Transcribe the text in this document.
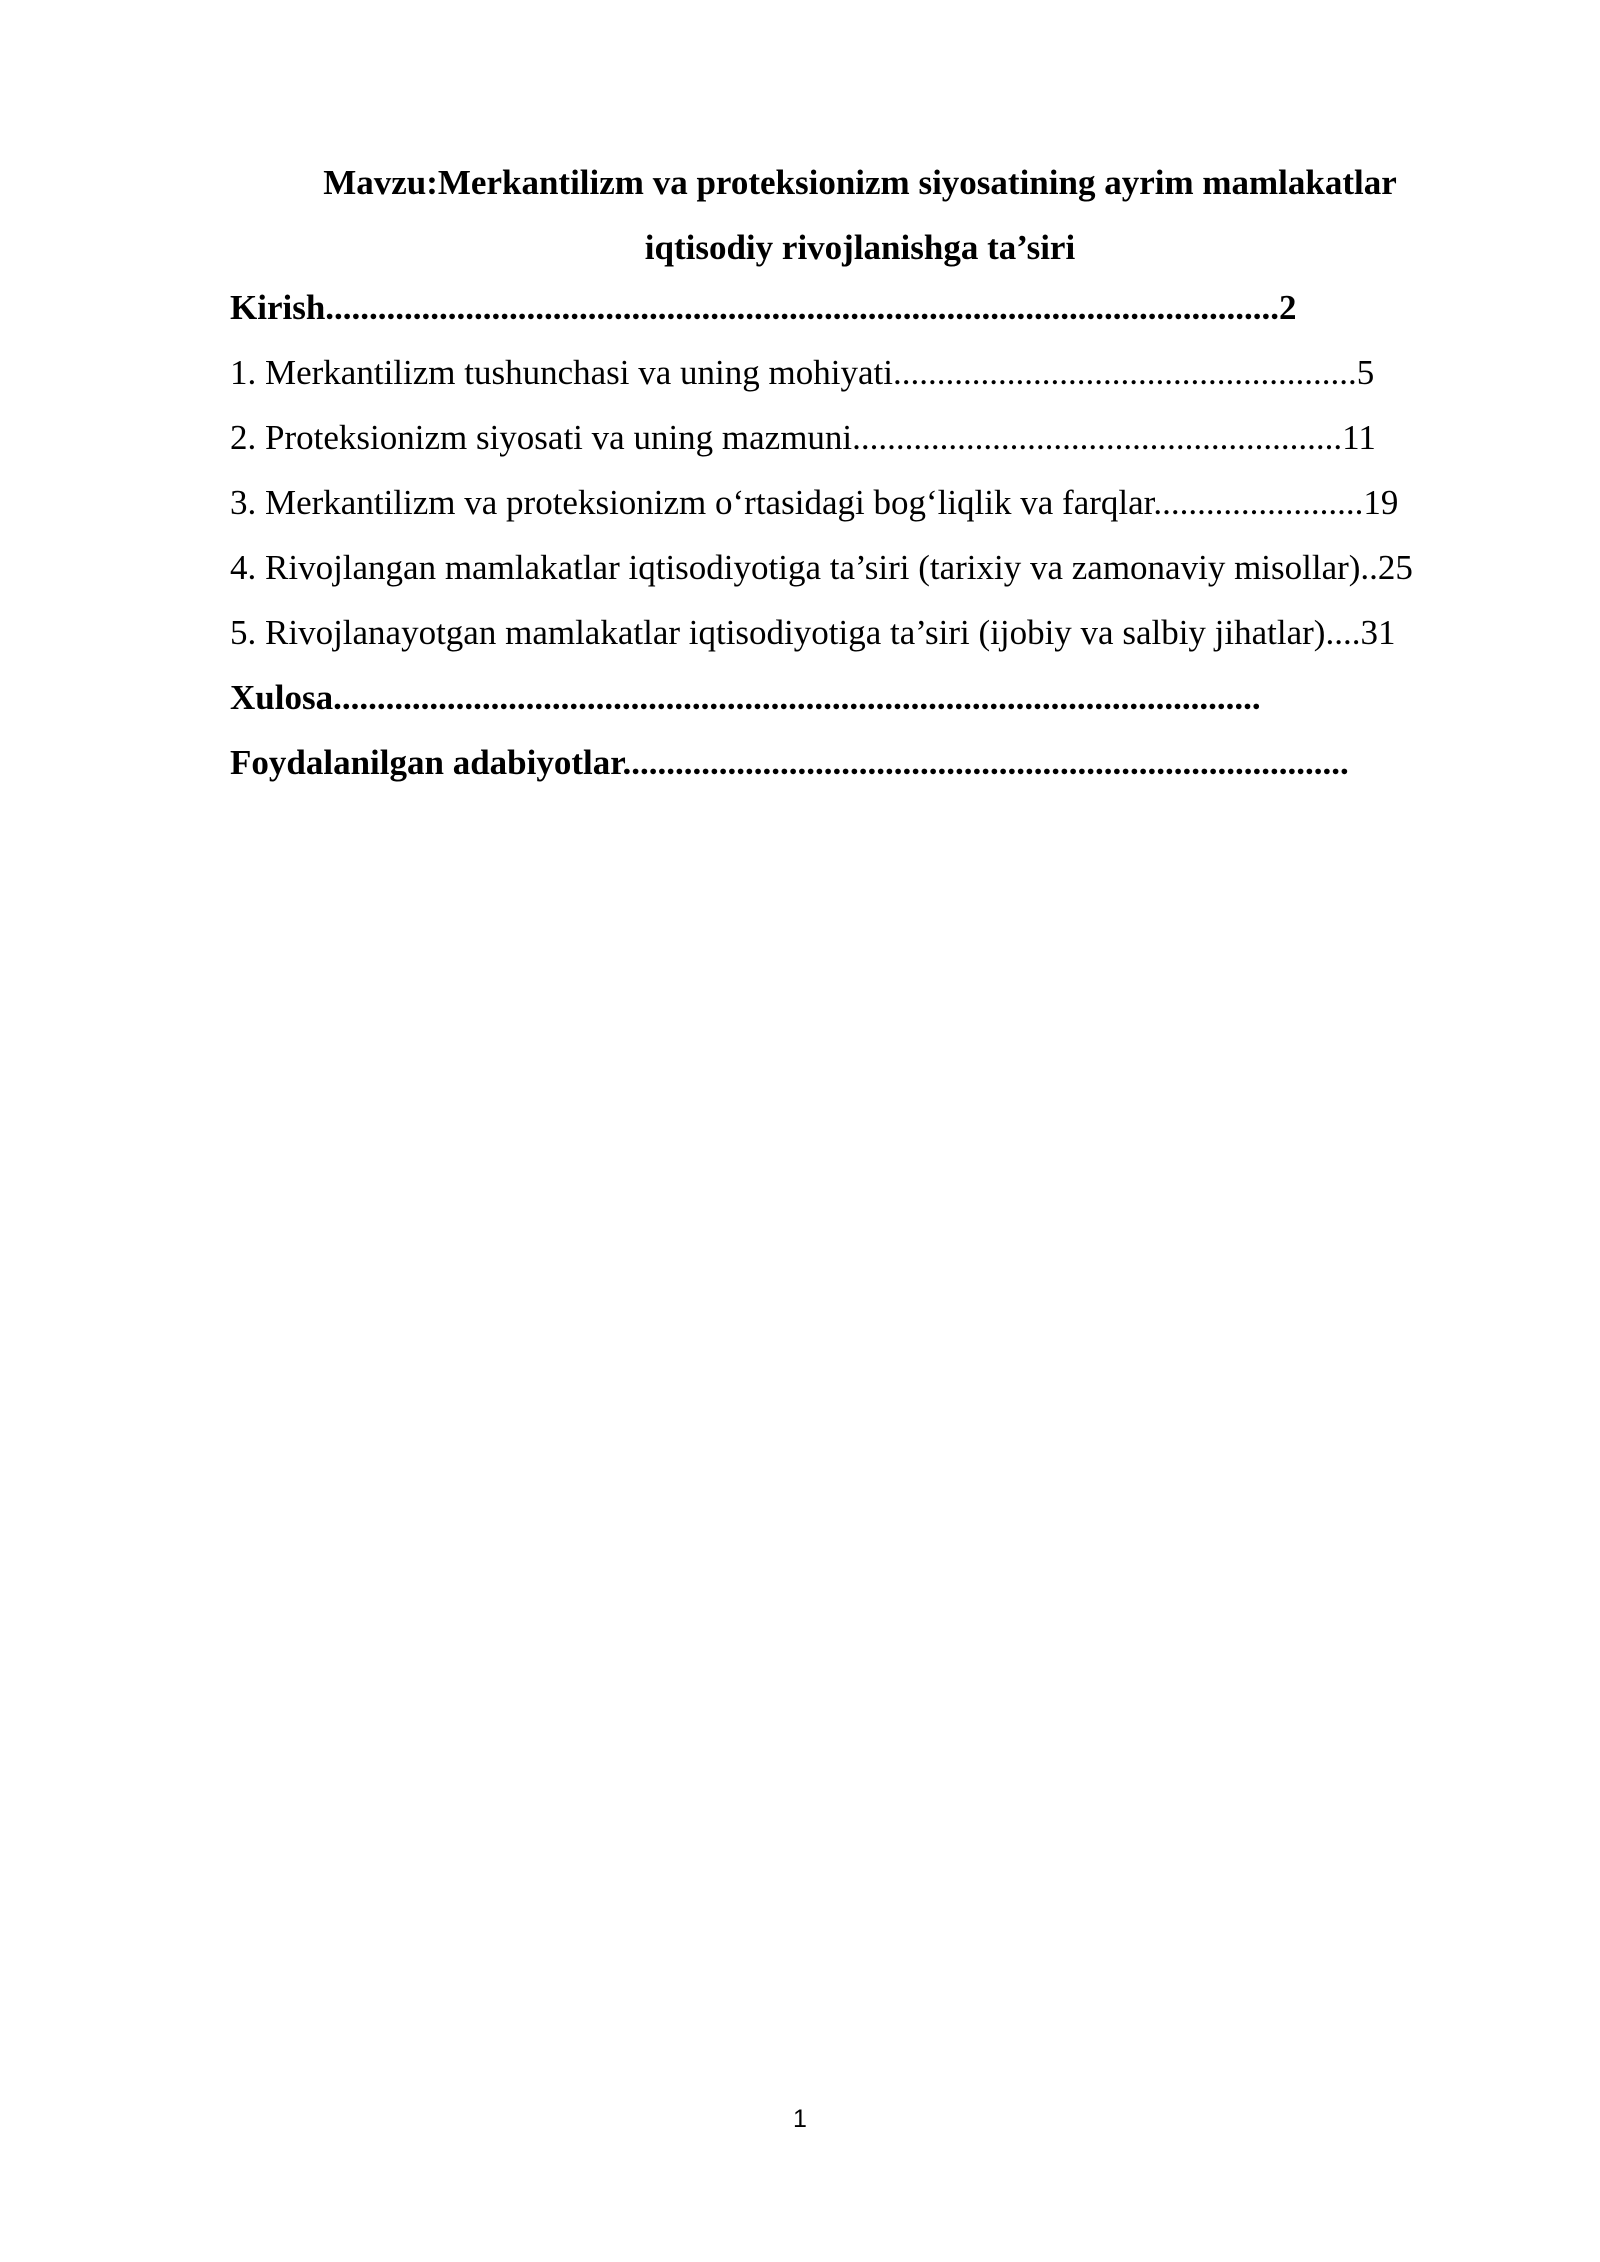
Mavzu:Merkantilizm va proteksionizm siyosatining ayrim mamlakatlar
iqtisodiy rivojlanishga ta’siri
Kirish.............................................................................................................2
1. Merkantilizm tushunchasi va uning mohiyati.....................................................5
2. Proteksionizm siyosati va uning mazmuni........................................................11
3. Merkantilizm va proteksionizm o‘rtasidagi bog‘liqlik va farqlar........................19
4. Rivojlangan mamlakatlar iqtisodiyotiga ta’siri (tarixiy va zamonaviy misollar)..25
5. Rivojlanayotgan mamlakatlar iqtisodiyotiga ta’siri (ijobiy va salbiy jihatlar)....31
Xulosa..........................................................................................................
Foydalanilgan adabiyotlar...................................................................................
1
